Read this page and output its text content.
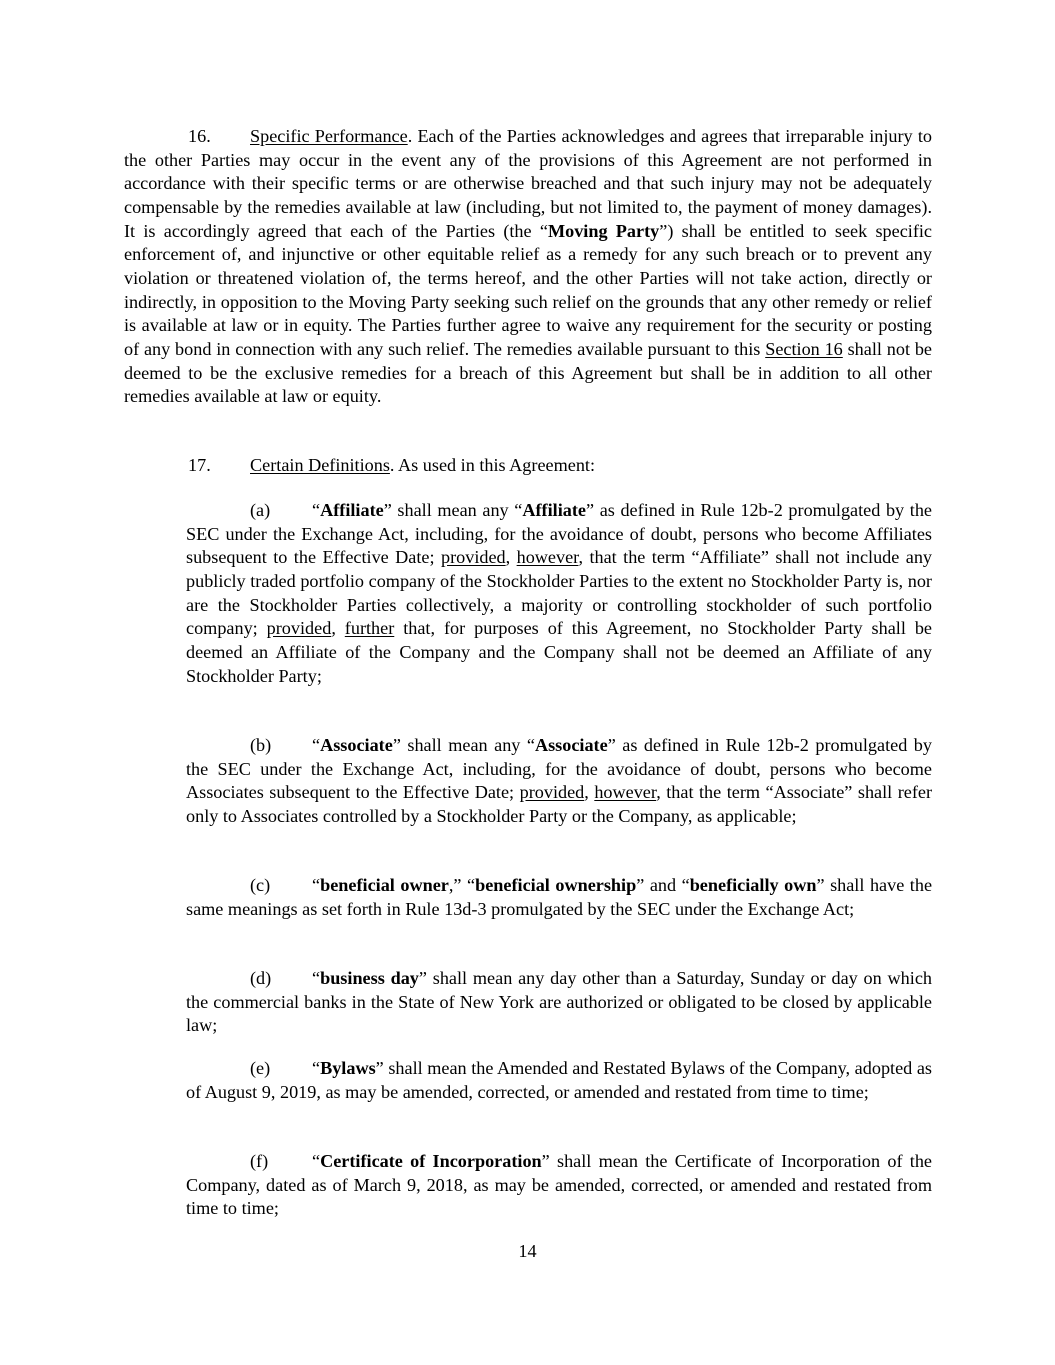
16. Specific Performance. Each of the Parties acknowledges and agrees that irreparable injury to the other Parties may occur in the event any of the provisions of this Agreement are not performed in accordance with their specific terms or are otherwise breached and that such injury may not be adequately compensable by the remedies available at law (including, but not limited to, the payment of money damages). It is accordingly agreed that each of the Parties (the “Moving Party”) shall be entitled to seek specific enforcement of, and injunctive or other equitable relief as a remedy for any such breach or to prevent any violation or threatened violation of, the terms hereof, and the other Parties will not take action, directly or indirectly, in opposition to the Moving Party seeking such relief on the grounds that any other remedy or relief is available at law or in equity. The Parties further agree to waive any requirement for the security or posting of any bond in connection with any such relief. The remedies available pursuant to this Section 16 shall not be deemed to be the exclusive remedies for a breach of this Agreement but shall be in addition to all other remedies available at law or equity.

17. Certain Definitions. As used in this Agreement:

(a) “Affiliate” shall mean any “Affiliate” as defined in Rule 12b-2 promulgated by the SEC under the Exchange Act, including, for the avoidance of doubt, persons who become Affiliates subsequent to the Effective Date; provided, however, that the term “Affiliate” shall not include any publicly traded portfolio company of the Stockholder Parties to the extent no Stockholder Party is, nor are the Stockholder Parties collectively, a majority or controlling stockholder of such portfolio company; provided, further that, for purposes of this Agreement, no Stockholder Party shall be deemed an Affiliate of the Company and the Company shall not be deemed an Affiliate of any Stockholder Party;

(b) “Associate” shall mean any “Associate” as defined in Rule 12b-2 promulgated by the SEC under the Exchange Act, including, for the avoidance of doubt, persons who become Associates subsequent to the Effective Date; provided, however, that the term “Associate” shall refer only to Associates controlled by a Stockholder Party or the Company, as applicable;

(c) “beneficial owner,” “beneficial ownership” and “beneficially own” shall have the same meanings as set forth in Rule 13d-3 promulgated by the SEC under the Exchange Act;

(d) “business day” shall mean any day other than a Saturday, Sunday or day on which the commercial banks in the State of New York are authorized or obligated to be closed by applicable law;

(e) “Bylaws” shall mean the Amended and Restated Bylaws of the Company, adopted as of August 9, 2019, as may be amended, corrected, or amended and restated from time to time;

(f) “Certificate of Incorporation” shall mean the Certificate of Incorporation of the Company, dated as of March 9, 2018, as may be amended, corrected, or amended and restated from time to time;

14
